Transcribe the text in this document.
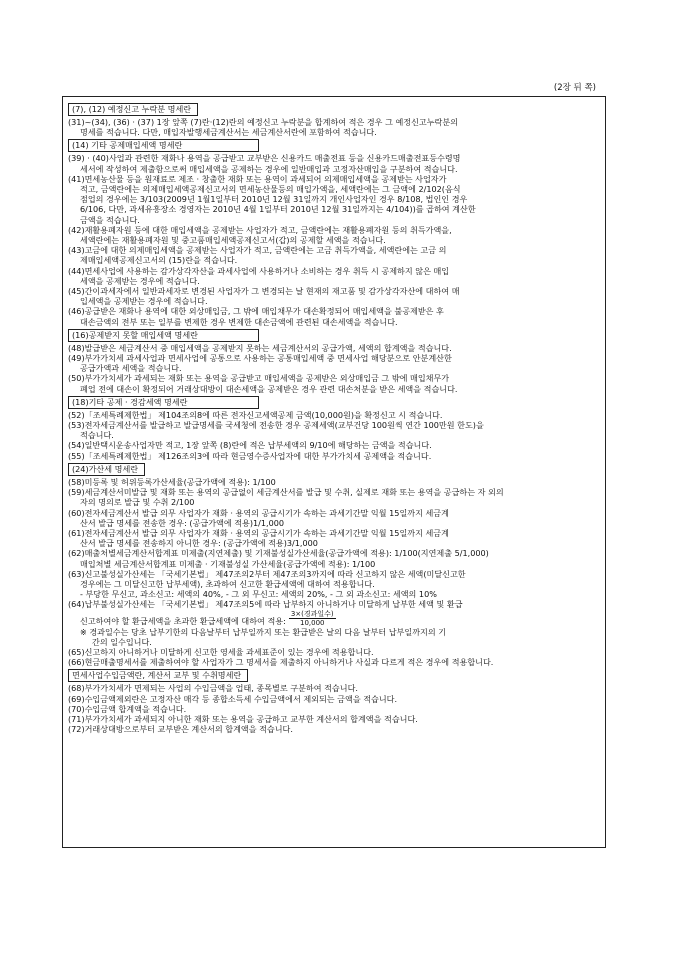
(2장 뒤 쪽)
(7), (12) 예정신고 누락분 명세란
(31)~(34), (36) · (37) 1장 앞쪽 (7)란·(12)란의 예정신고 누락분을 합계하여 적은 경우 그 예정신고누락분의
명세를 적습니다. 다만, 매입자발행세금계산서는 세금계산서란에 포함하여 적습니다.
(14) 기타 공제매입세액 명세란
(39) · (40)사업과 관련한 재화나 용역을 공급받고 교부받은 신용카드 매출전표 등을 신용카드매출전표등수령명
세서에 작성하여 제출함으로써 매입세액을 공제하는 경우에 일반매입과 고정자산매입을 구분하여 적습니다.
(41)면세농산물 등을 원재료로 제조 · 창출한 재화 또는 용역이 과세되어 의제매입세액을 공제받는 사업자가
적고, 금액란에는 의제매입세액공제신고서의 면세농산물등의 매입가액을, 세액란에는 그 금액에 2/102(음식
점업의 경우에는 3/103(2009년 1월1일부터 2010년 12월 31일까지 개인사업자인 경우 8/108, 법인인 경우
6/106, 다만, 과세유흥장소 경영자는 2010년 4월 1일부터 2010년 12월 31일까지는 4/104))를 곱하여 계산한
금액을 적습니다.
(42)재활용폐자원 등에 대한 매입세액을 공제받는 사업자가 적고, 금액란에는 재활용폐자원 등의 취득가액을,
세액란에는 재활용폐자원 및 중고품매입세액공제신고서(갑)의 공제할 세액을 적습니다.
(43)고금에 대한 의제매입세액을 공제받는 사업자가 적고, 금액란에는 고금 취득가액을, 세액란에는 고금 의
제매입세액공제신고서의 (15)란을 적습니다.
(44)면세사업에 사용하는 감가상각자산을 과세사업에 사용하거나 소비하는 경우 취득 시 공제하지 않은 매입
세액을 공제받는 경우에 적습니다.
(45)간이과세자에서 일반과세자로 변경된 사업자가 그 변경되는 날 현재의 재고품 및 감가상각자산에 대하여 매
입세액을 공제받는 경우에 적습니다.
(46)공급받은 재화나 용역에 대한 외상매입금, 그 밖에 매입채무가 대손확정되어 매입세액을 불공제받은 후
대손금액의 전부 또는 일부를 변제한 경우 변제한 대손금액에 관련된 대손세액을 적습니다.
(16)공제받지 못할 매입세액 명세란
(48)발급받은 세금계산서 중 매입세액을 공제받지 못하는 세금계산서의 공급가액, 세액의 합계액을 적습니다.
(49)부가가치세 과세사업과 면세사업에 공통으로 사용하는 공통매입세액 중 면세사업 해당분으로 안분계산한
공급가액과 세액을 적습니다.
(50)부가가치세가 과세되는 재화 또는 용역을 공급받고 매입세액을 공제받은 외상매입금 그 밖에 매입채무가
폐업 전에 대손이 확정되어 거래상대방이 대손세액을 공제받은 경우 관련 대손처분을 받은 세액을 적습니다.
(18)기타 공제 · 경감세액 명세란
(52)「조세특례제한법」 제104조의8에 따른 전자신고세액공제 금액(10,000원)을 확정신고 시 적습니다.
(53)전자세금계산서를 발급하고 발급명세를 국세청에 전송한 경우 공제세액(교부건당 100원씩 연간 100만원 한도)을
적습니다.
(54)일반택시운송사업자만 적고, 1장 앞쪽 (8)란에 적은 납부세액의 9/10에 해당하는 금액을 적습니다.
(55)「조세특례제한법」 제126조의3에 따라 현금영수증사업자에 대한 부가가치세 공제액을 적습니다.
(24)가산세 명세란
(58)미등록 및 허위등록가산세율(공급가액에 적용): 1/100
(59)세금계산서미발급 및 재화 또는 용역의 공급없이 세금계산서를 발급 및 수취, 실제로 재화 또는 용역을 공급하는 자 외의
자의 명의로 발급 및 수취 2/100
(60)전자세금계산서 발급 의무 사업자가 재화 · 용역의 공급시기가 속하는 과세기간말 익월 15일까지 세금계
산서 발급 명세를 전송한 경우: (공급가액에 적용)1/1,000
(61)전자세금계산서 발급 의무 사업자가 재화 · 용역의 공급시기가 속하는 과세기간말 익월 15일까지 세금계
산서 발급 명세를 전송하지 아니한 경우: (공급가액에 적용)3/1,000
(62)매출처별세금계산서합계표 미제출(지연제출) 및 기재불성실가산세율(공급가액에 적용): 1/100(지연제출 5/1,000)
매입처별 세금계산서합계표 미제출 · 기재불성실 가산세율(공급가액에 적용): 1/100
(63)신고불성실가산세는 「국세기본법」 제47조의2부터 제47조의3까지에 따라 신고하지 않은 세액(미달신고한
경우에는 그 미달신고한 납부세액), 초과하여 신고한 환급세액에 대하여 적용합니다.
- 부당한 무신고, 과소신고: 세액의 40%, - 그 외 무신고: 세액의 20%, - 그 외 과소신고: 세액의 10%
(64)납부불성실가산세는 「국세기본법」 제47조의5에 따라 납부하지 아니하거나 미달하게 납부한 세액 및 환급
신고하여야 할 환급세액을 초과한 환급세액에 대하여 적용: $\frac{\text{3×(경과일수)}}{10,000}$
※ 경과일수는 당초 납부기한의 다음날부터 납부일까지 또는 환급받은 날의 다음 날부터 납부일까지의 기
간의 일수입니다.
(65)신고하지 아니하거나 미달하게 신고한 영세율 과세표준이 있는 경우에 적용합니다.
(66)현금매출명세서를 제출하여야 할 사업자가 그 명세서를 제출하지 아니하거나 사실과 다르게 적은 경우에 적용합니다.
면세사업수입금액란, 계산서 교부 및 수취명세란
(68)부가가치세가 면제되는 사업의 수입금액을 업태, 종목별로 구분하여 적습니다.
(69)수입금액제외란은 고정자산 매각 등 종합소득세 수입금액에서 제외되는 금액을 적습니다.
(70)수입금액 합계액을 적습니다.
(71)부가가치세가 과세되지 아니한 재화 또는 용역을 공급하고 교부한 계산서의 합계액을 적습니다.
(72)거래상대방으로부터 교부받은 계산서의 합계액을 적습니다.
